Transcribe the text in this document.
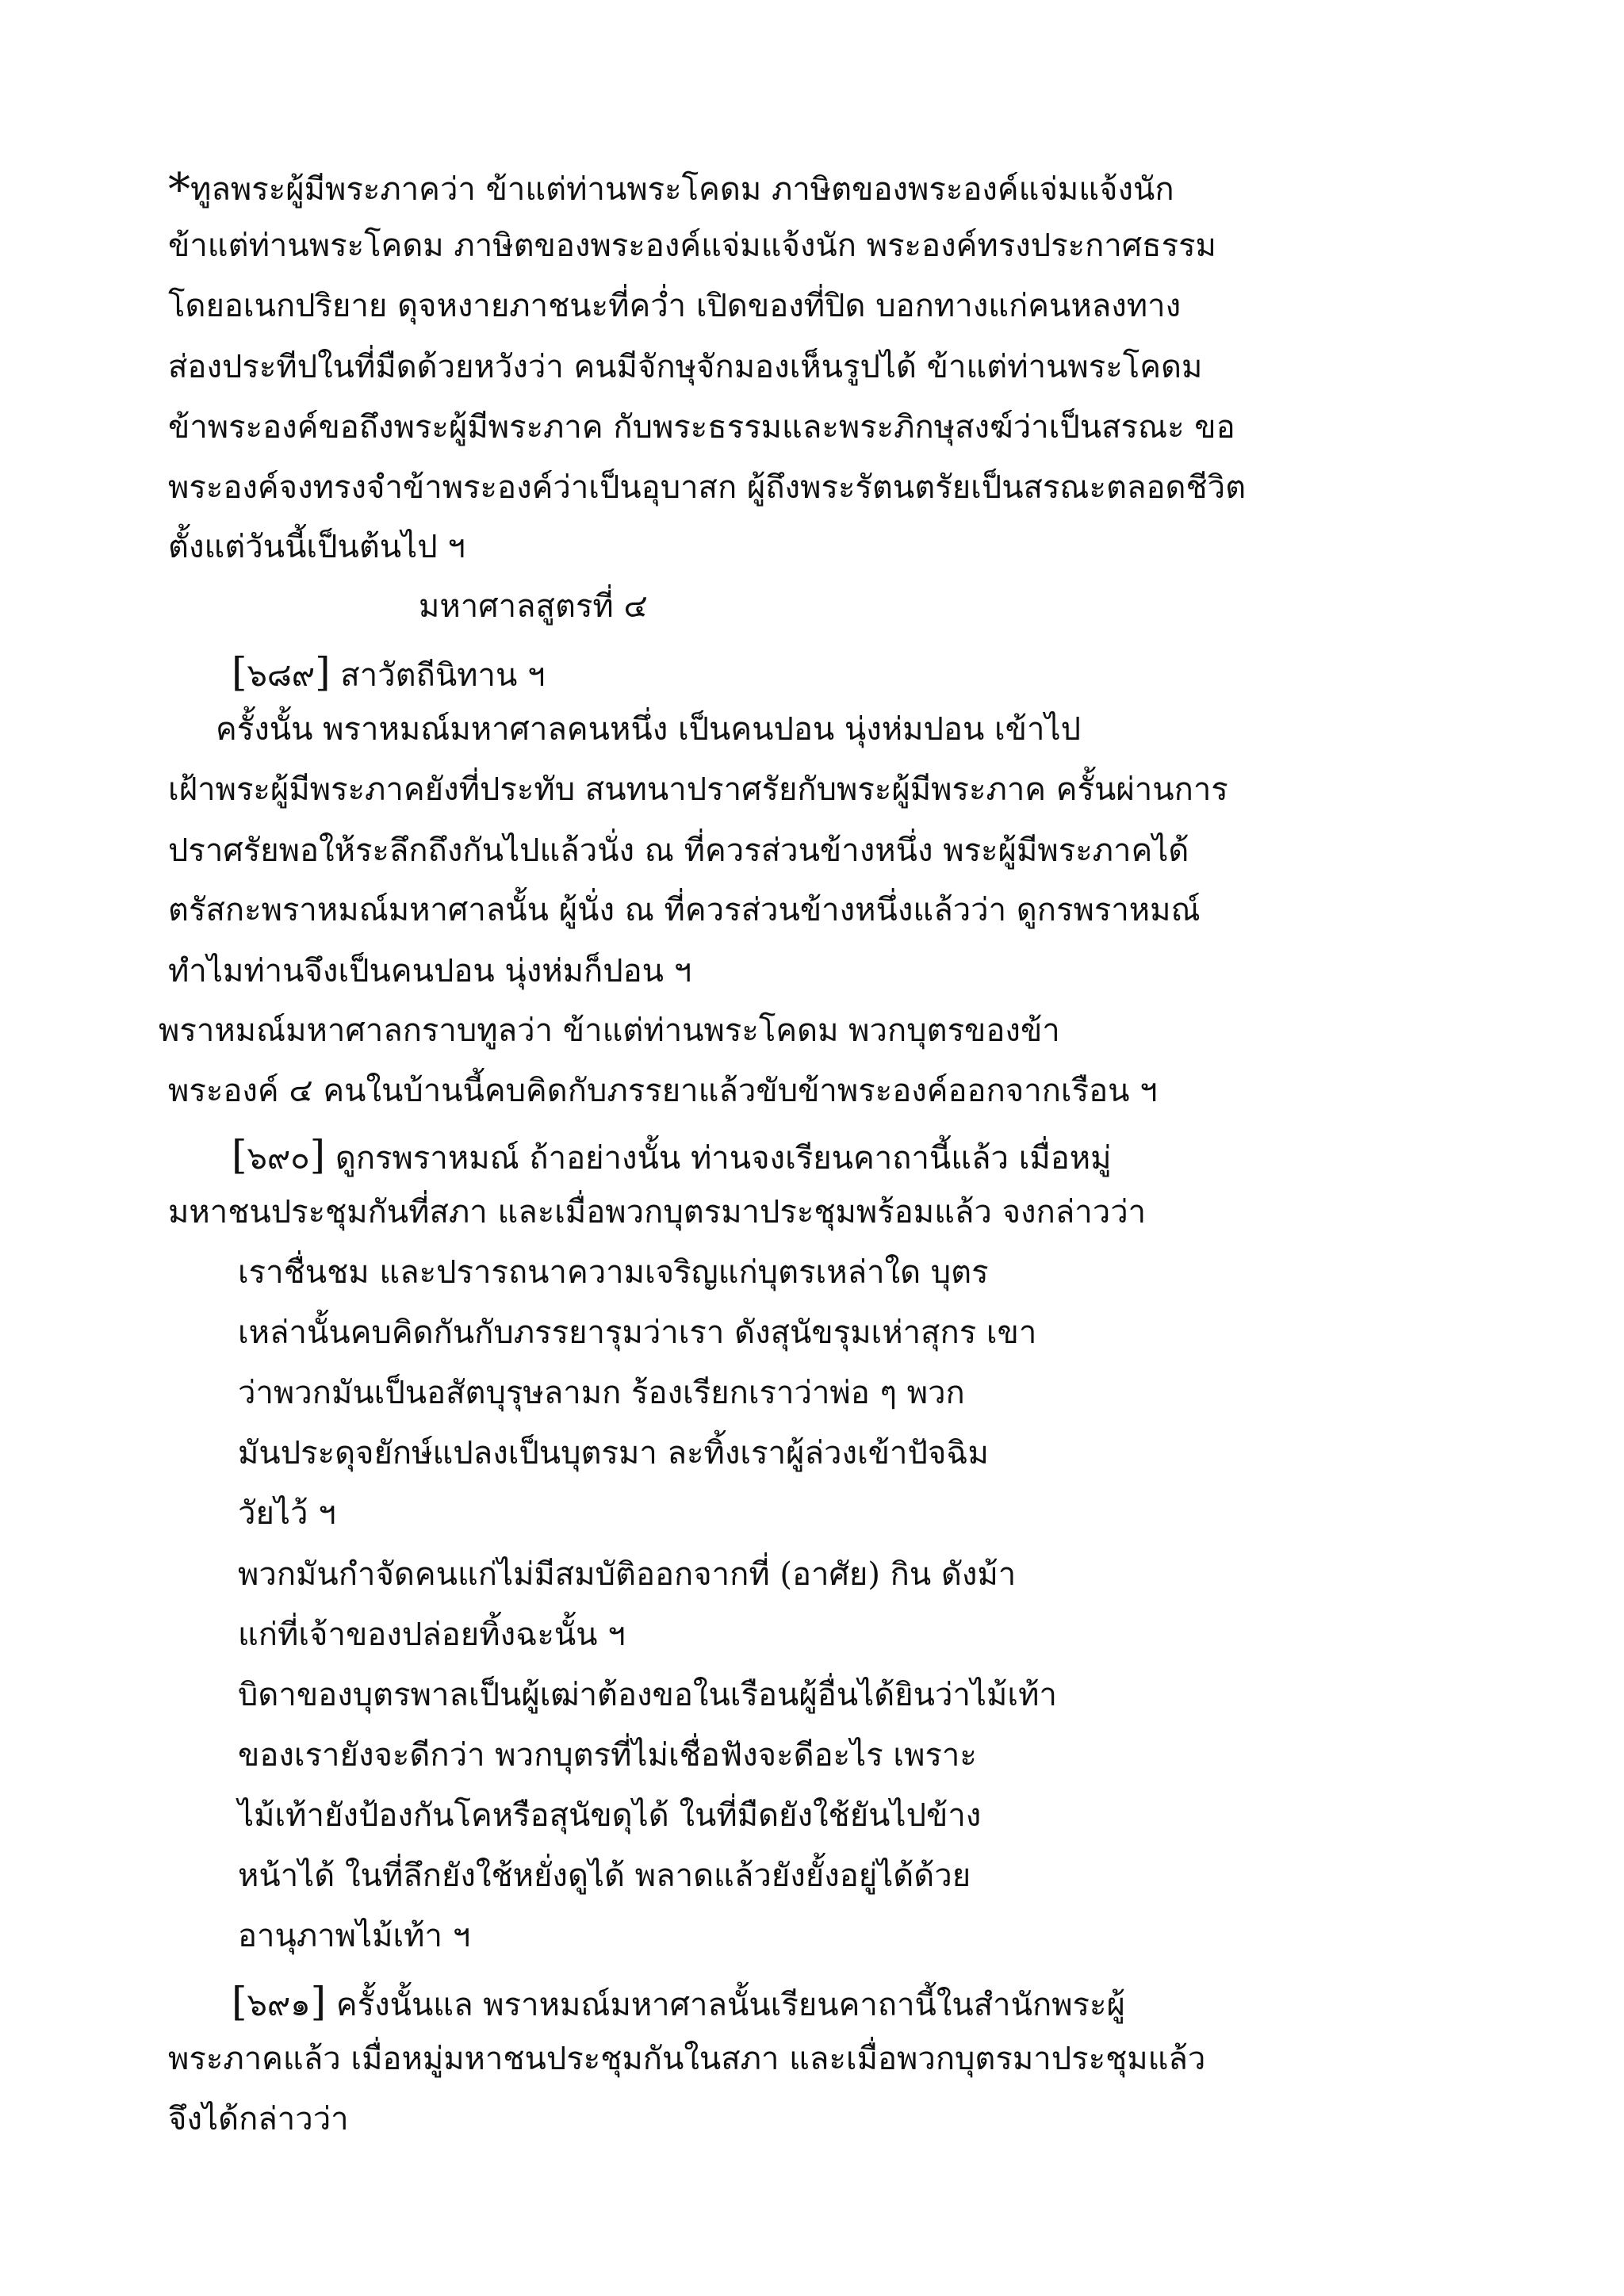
*ทูลพระผู้มีพระภาคว่า ข้าแต่ท่านพระโคดม ภาษิตของพระองค์แจ่มแจ้งนัก
ข้าแต่ท่านพระโคดม ภาษิตของพระองค์แจ่มแจ้งนัก พระองค์ทรงประกาศธรรม
โดยอเนกปริยาย ดุจหงายภาชนะที่คว่ำ เปิดของที่ปิด บอกทางแก่คนหลงทาง
ส่องประทีปในที่มืดด้วยหวังว่า คนมีจักษุจักมองเห็นรูปได้ ข้าแต่ท่านพระโคดม
ข้าพระองค์ขอถึงพระผู้มีพระภาค กับพระธรรมและพระภิกษุสงฆ์ว่าเป็นสรณะ ขอ
พระองค์จงทรงจำข้าพระองค์ว่าเป็นอุบาสก ผู้ถึงพระรัตนตรัยเป็นสรณะตลอดชีวิต
ตั้งแต่วันนี้เป็นต้นไป ฯ
มหาศาลสูตรที่ ๔
[๖๘๙] สาวัตถีนิทาน ฯ
ครั้งนั้น พราหมณ์มหาศาลคนหนึ่ง เป็นคนปอน นุ่งห่มปอน เข้าไป
เฝ้าพระผู้มีพระภาคยังที่ประทับ สนทนาปราศรัยกับพระผู้มีพระภาค ครั้นผ่านการ
ปราศรัยพอให้ระลึกถึงกันไปแล้วนั่ง ณ ที่ควรส่วนข้างหนึ่ง พระผู้มีพระภาคได้
ตรัสกะพราหมณ์มหาศาลนั้น ผู้นั่ง ณ ที่ควรส่วนข้างหนึ่งแล้วว่า ดูกรพราหมณ์
ทำไมท่านจึงเป็นคนปอน นุ่งห่มก็ปอน ฯ
พราหมณ์มหาศาลกราบทูลว่า ข้าแต่ท่านพระโคดม พวกบุตรของข้า
พระองค์ ๔ คนในบ้านนี้คบคิดกับภรรยาแล้วขับข้าพระองค์ออกจากเรือน ฯ
[๖๙๐] ดูกรพราหมณ์ ถ้าอย่างนั้น ท่านจงเรียนคาถานี้แล้ว เมื่อหมู่
มหาชนประชุมกันที่สภา และเมื่อพวกบุตรมาประชุมพร้อมแล้ว จงกล่าวว่า
เราชื่นชม และปรารถนาความเจริญแก่บุตรเหล่าใด บุตร
เหล่านั้นคบคิดกันกับภรรยารุมว่าเรา ดังสุนัขรุมเห่าสุกร เขา
ว่าพวกมันเป็นอสัตบุรุษลามก ร้องเรียกเราว่าพ่อ ๆ พวก
มันประดุจยักษ์แปลงเป็นบุตรมา ละทิ้งเราผู้ล่วงเข้าปัจฉิม
วัยไว้ ฯ
พวกมันกำจัดคนแก่ไม่มีสมบัติออกจากที่ (อาศัย) กิน ดังม้า
แก่ที่เจ้าของปล่อยทิ้งฉะนั้น ฯ
บิดาของบุตรพาลเป็นผู้เฒ่าต้องขอในเรือนผู้อื่นได้ยินว่าไม้เท้า
ของเรายังจะดีกว่า พวกบุตรที่ไม่เชื่อฟังจะดีอะไร เพราะ
ไม้เท้ายังป้องกันโคหรือสุนัขดุได้ ในที่มืดยังใช้ยันไปข้าง
หน้าได้ ในที่ลึกยังใช้หยั่งดูได้ พลาดแล้วยังยั้งอยู่ได้ด้วย
อานุภาพไม้เท้า ฯ
[๖๙๑] ครั้งนั้นแล พราหมณ์มหาศาลนั้นเรียนคาถานี้ในสำนักพระผู้
พระภาคแล้ว เมื่อหมู่มหาชนประชุมกันในสภา และเมื่อพวกบุตรมาประชุมแล้ว
จึงได้กล่าวว่า
